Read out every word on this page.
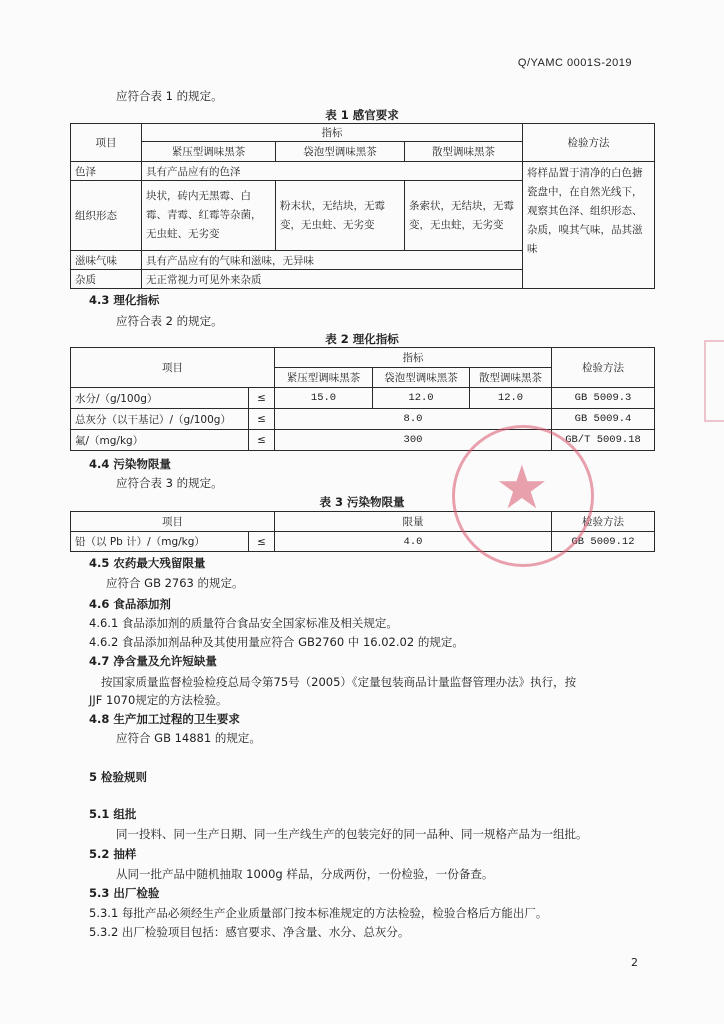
Q/YAMC 0001S-2019
应符合表 1 的规定。
表 1 感官要求
项目	指标			检验方法
	紧压型调味黑茶	袋泡型调味黑茶	散型调味黑茶	
色泽	具有产品应有的色泽			将样品置于清净的白色搪瓷盘中，在自然光线下，观察其色泽、组织形态、杂质，嗅其气味，品其滋味
组织形态	块状，砖内无黑霉、白霉、青霉、红霉等杂菌，无虫蛀、无劣变	粉末状，无结块，无霉变，无虫蛀、无劣变	条索状，无结块，无霉变，无虫蛀，无劣变	
滋味气味	具有产品应有的气味和滋味，无异味			
杂质	无正常视力可见外来杂质			
4.3 理化指标
应符合表 2 的规定。
表 2 理化指标
项目		指标			检验方法
		紧压型调味黑茶	袋泡型调味黑茶	散型调味黑茶	
水分/（g/100g）	≤	15.0	12.0	12.0	GB 5009.3
总灰分（以干基记）/（g/100g）	≤	8.0			GB 5009.4
氟/（mg/kg）	≤	300			GB/T 5009.18
4.4 污染物限量
应符合表 3 的规定。
表 3 污染物限量
项目		限量	检验方法
铅（以 Pb 计）/（mg/kg）	≤	4.0	GB 5009.12
4.5 农药最大残留限量
应符合 GB 2763 的规定。
4.6 食品添加剂
4.6.1 食品添加剂的质量符合食品安全国家标准及相关规定。
4.6.2 食品添加剂品种及其使用量应符合 GB2760 中 16.02.02 的规定。
4.7 净含量及允许短缺量
按国家质量监督检验检疫总局令第75号（2005）《定量包装商品计量监督管理办法》执行，按
JJF 1070规定的方法检验。
4.8 生产加工过程的卫生要求
应符合 GB 14881 的规定。
5 检验规则
5.1 组批
同一投料、同一生产日期、同一生产线生产的包装完好的同一品种、同一规格产品为一组批。
5.2 抽样
从同一批产品中随机抽取 1000g 样品，分成两份，一份检验，一份备查。
5.3 出厂检验
5.3.1 每批产品必须经生产企业质量部门按本标准规定的方法检验，检验合格后方能出厂。
5.3.2 出厂检验项目包括：感官要求、净含量、水分、总灰分。
2
★
